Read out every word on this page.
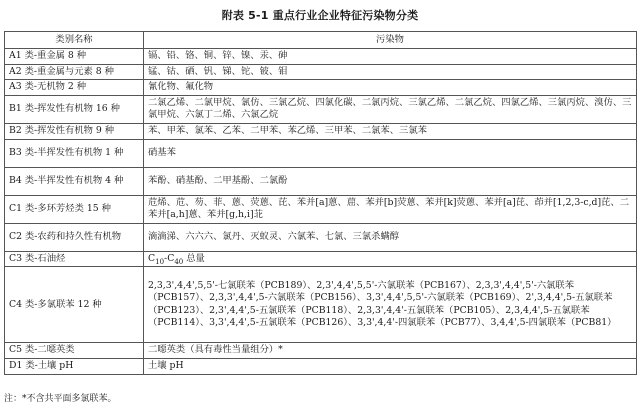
附表 5-1 重点行业企业特征污染物分类
类别名称	污染物
A1 类-重金属 8 种	镉、铅、铬、铜、锌、镍、汞、砷
A2 类-重金属与元素 8 种	锰、钴、硒、钒、锑、铊、铍、钼
A3 类-无机物 2 种	氰化物、氟化物
B1 类-挥发性有机物 16 种	二氯乙烯、二氯甲烷、氯仿、三氯乙烷、四氯化碳、二氯丙烷、三氯乙烯、二氯乙烷、四氯乙烯、三氯丙烷、溴仿、三氯甲烷、六氯丁二烯、六氯乙烷
B2 类-挥发性有机物 9 种	苯、甲苯、氯苯、乙苯、二甲苯、苯乙烯、三甲苯、二氯苯、三氯苯
B3 类-半挥发性有机物 1 种	硝基苯
B4 类-半挥发性有机物 4 种	苯酚、硝基酚、二甲基酚、二氯酚
C1 类-多环芳烃类 15 种	苊烯、苊、芴、菲、蒽、荧蒽、芘、苯并[a]蒽、䓛、苯并[b]荧蒽、苯并[k]荧蒽、苯并[a]芘、茚并[1,2,3-c,d]芘、二苯并[a,h]蒽、苯并[g,h,i]苝
C2 类-农药和持久性有机物	滴滴涕、六六六、氯丹、灭蚁灵、六氯苯、七氯、三氯杀螨醇
C3 类-石油烃	$C_{10}-C_{40}$ 总量
C4 类-多氯联苯 12 种	2,3,3',4,4',5,5'-七氯联苯（PCB189）、2,3',4,4',5,5'-六氯联苯（PCB167）、2,3,3',4,4',5'-六氯联苯（PCB157）、2,3,3',4,4',5-六氯联苯（PCB156）、3,3',4,4',5,5'-六氯联苯（PCB169）、2',3,4,4',5-五氯联苯（PCB123）、2,3',4,4',5-五氯联苯（PCB118）、2,3,3',4,4'-五氯联苯（PCB105）、2,3,4,4',5-五氯联苯（PCB114）、3,3',4,4',5-五氯联苯（PCB126）、3,3',4,4'-四氯联苯（PCB77）、3,4,4',5-四氯联苯（PCB81）
C5 类-二噁英类	二噁英类（具有毒性当量组分）*
D1 类-土壤 pH	土壤 pH
注：*不含共平面多氯联苯。
